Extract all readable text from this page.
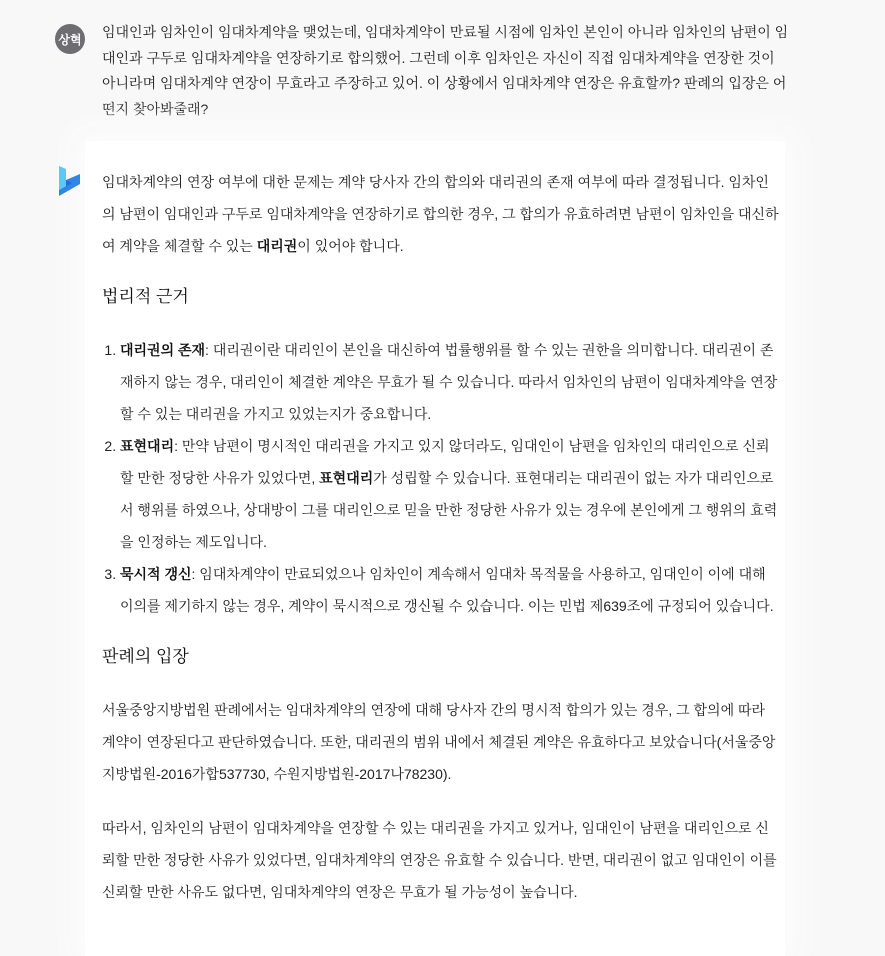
상혁 임대인과 임차인이 임대차계약을 맺었는데, 임대차계약이 만료될 시점에 임차인 본인이 아니라 임차인의 남편이 임대인과 구두로 임대차계약을 연장하기로 합의했어. 그런데 이후 임차인은 자신이 직접 임대차계약을 연장한 것이 아니라며 임대차계약 연장이 무효라고 주장하고 있어. 이 상황에서 임대차계약 연장은 유효할까? 판례의 입장은 어떤지 찾아봐줄래?

임대차계약의 연장 여부에 대한 문제는 계약 당사자 간의 합의와 대리권의 존재 여부에 따라 결정됩니다. 임차인의 남편이 임대인과 구두로 임대차계약을 연장하기로 합의한 경우, 그 합의가 유효하려면 남편이 임차인을 대신하여 계약을 체결할 수 있는 대리권이 있어야 합니다.

법리적 근거
1. 대리권의 존재: 대리권이란 대리인이 본인을 대신하여 법률행위를 할 수 있는 권한을 의미합니다. 대리권이 존재하지 않는 경우, 대리인이 체결한 계약은 무효가 될 수 있습니다. 따라서 임차인의 남편이 임대차계약을 연장할 수 있는 대리권을 가지고 있었는지가 중요합니다.
2. 표현대리: 만약 남편이 명시적인 대리권을 가지고 있지 않더라도, 임대인이 남편을 임차인의 대리인으로 신뢰할 만한 정당한 사유가 있었다면, 표현대리가 성립할 수 있습니다. 표현대리는 대리권이 없는 자가 대리인으로서 행위를 하였으나, 상대방이 그를 대리인으로 믿을 만한 정당한 사유가 있는 경우에 본인에게 그 행위의 효력을 인정하는 제도입니다.
3. 묵시적 갱신: 임대차계약이 만료되었으나 임차인이 계속해서 임대차 목적물을 사용하고, 임대인이 이에 대해 이의를 제기하지 않는 경우, 계약이 묵시적으로 갱신될 수 있습니다. 이는 민법 제639조에 규정되어 있습니다.
판례의 입장

서울중앙지방법원 판례에서는 임대차계약의 연장에 대해 당사자 간의 명시적 합의가 있는 경우, 그 합의에 따라 계약이 연장된다고 판단하였습니다. 또한, 대리권의 범위 내에서 체결된 계약은 유효하다고 보았습니다(서울중앙지방법원-2016가합537730, 수원지방법원-2017나78230).

따라서, 임차인의 남편이 임대차계약을 연장할 수 있는 대리권을 가지고 있거나, 임대인이 남편을 대리인으로 신뢰할 만한 정당한 사유가 있었다면, 임대차계약의 연장은 유효할 수 있습니다. 반면, 대리권이 없고 임대인이 이를 신뢰할 만한 사유도 없다면, 임대차계약의 연장은 무효가 될 가능성이 높습니다.
